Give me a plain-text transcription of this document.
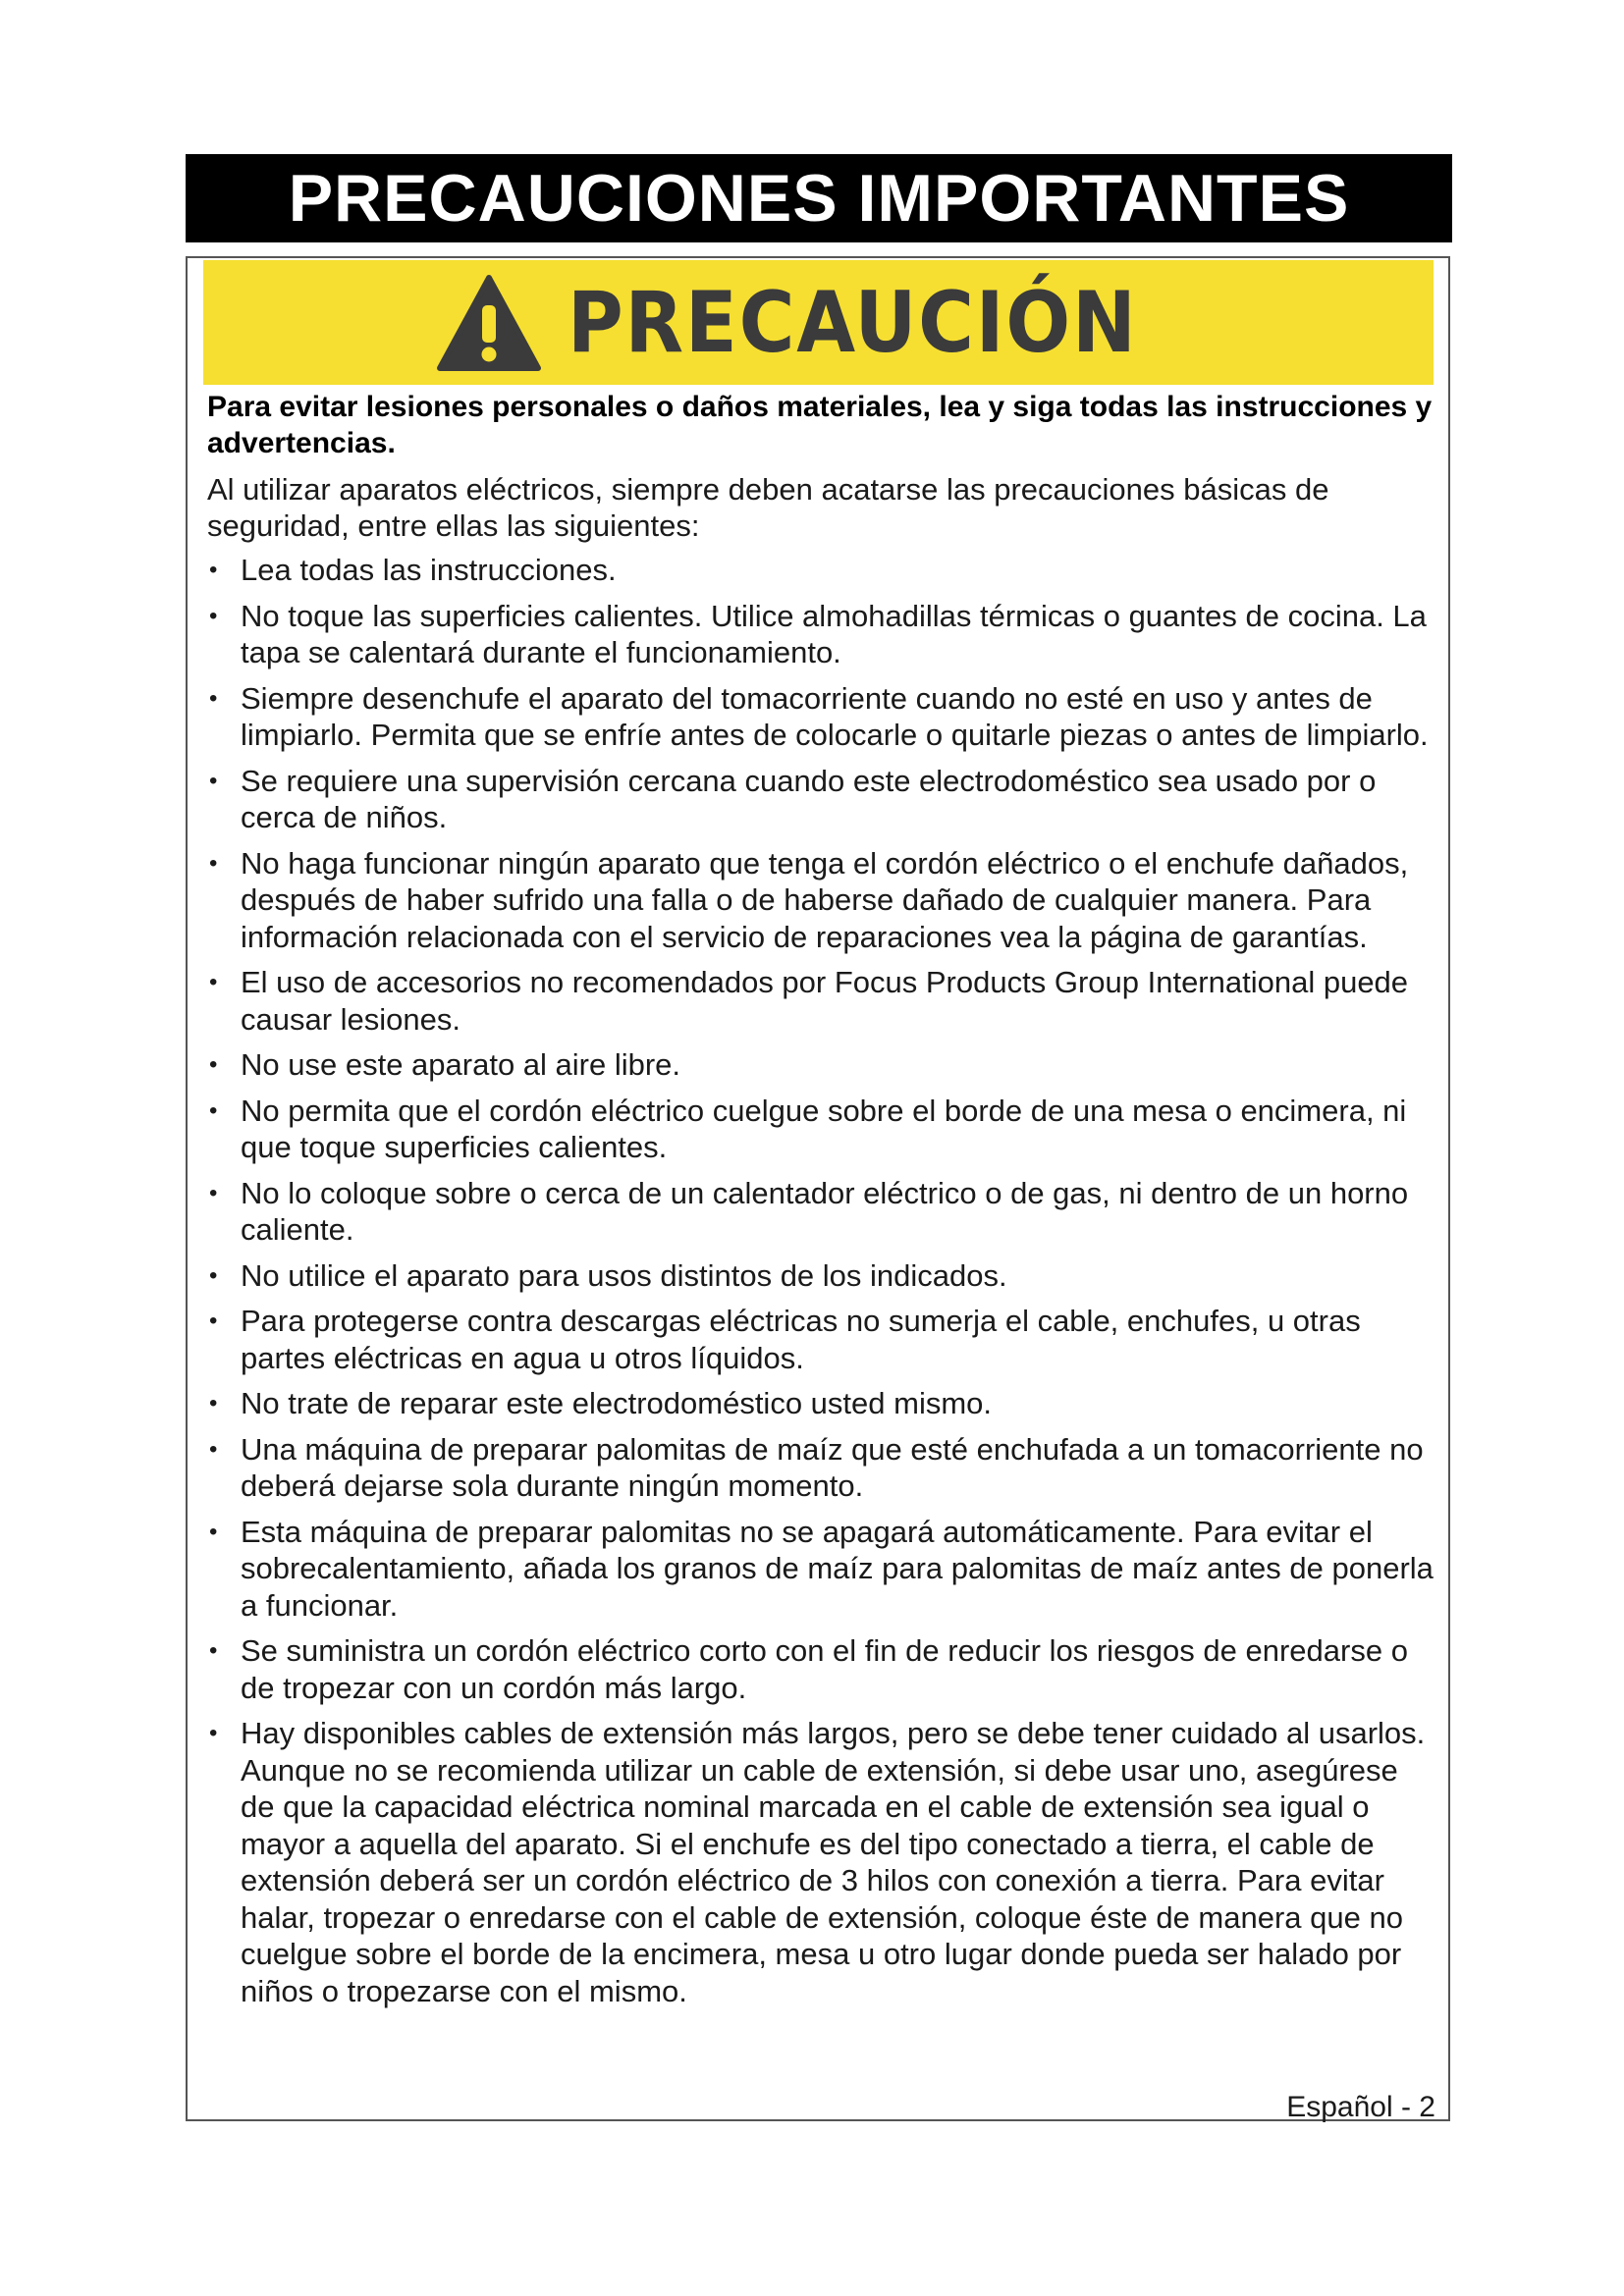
PRECAUCIONES IMPORTANTES
PRECAUCIÓN

Para evitar lesiones personales o daños materiales, lea y siga todas las instrucciones y advertencias.

Al utilizar aparatos eléctricos, siempre deben acatarse las precauciones básicas de seguridad, entre ellas las siguientes:

• Lea todas las instrucciones.
• No toque las superficies calientes. Utilice almohadillas térmicas o guantes de cocina. La tapa se calentará durante el funcionamiento.
• Siempre desenchufe el aparato del tomacorriente cuando no esté en uso y antes de limpiarlo. Permita que se enfríe antes de colocarle o quitarle piezas o antes de limpiarlo.
• Se requiere una supervisión cercana cuando este electrodoméstico sea usado por o cerca de niños.
• No haga funcionar ningún aparato que tenga el cordón eléctrico o el enchufe dañados, después de haber sufrido una falla o de haberse dañado de cualquier manera. Para información relacionada con el servicio de reparaciones vea la página de garantías.
• El uso de accesorios no recomendados por Focus Products Group International puede causar lesiones.
• No use este aparato al aire libre.
• No permita que el cordón eléctrico cuelgue sobre el borde de una mesa o encimera, ni que toque superficies calientes.
• No lo coloque sobre o cerca de un calentador eléctrico o de gas, ni dentro de un horno caliente.
• No utilice el aparato para usos distintos de los indicados.
• Para protegerse contra descargas eléctricas no sumerja el cable, enchufes, u otras partes eléctricas en agua u otros líquidos.
• No trate de reparar este electrodoméstico usted mismo.
• Una máquina de preparar palomitas de maíz que esté enchufada a un tomacorriente no deberá dejarse sola durante ningún momento.
• Esta máquina de preparar palomitas no se apagará automáticamente. Para evitar el sobrecalentamiento, añada los granos de maíz para palomitas de maíz antes de ponerla a funcionar.
• Se suministra un cordón eléctrico corto con el fin de reducir los riesgos de enredarse o de tropezar con un cordón más largo.
• Hay disponibles cables de extensión más largos, pero se debe tener cuidado al usarlos. Aunque no se recomienda utilizar un cable de extensión, si debe usar uno, asegúrese de que la capacidad eléctrica nominal marcada en el cable de extensión sea igual o mayor a aquella del aparato. Si el enchufe es del tipo conectado a tierra, el cable de extensión deberá ser un cordón eléctrico de 3 hilos con conexión a tierra. Para evitar halar, tropezar o enredarse con el cable de extensión, coloque éste de manera que no cuelgue sobre el borde de la encimera, mesa u otro lugar donde pueda ser halado por niños o tropezarse con el mismo.
Español - 2
